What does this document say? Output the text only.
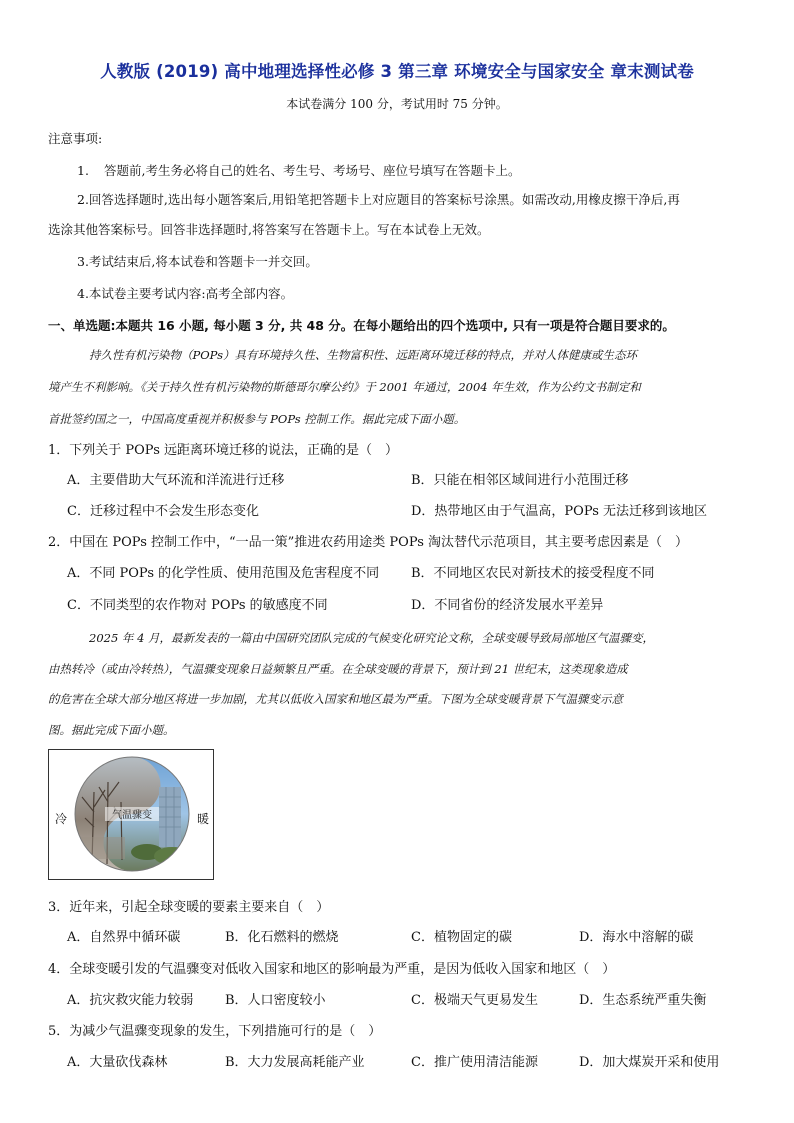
人教版 (2019) 高中地理选择性必修 3 第三章 环境安全与国家安全 章末测试卷
本试卷满分 100 分，考试用时 75 分钟。
注意事项:
1. 答题前,考生务必将自己的姓名、考生号、考场号、座位号填写在答题卡上。
2.回答选择题时,选出每小题答案后,用铅笔把答题卡上对应题目的答案标号涂黑。如需改动,用橡皮擦干净后,再
选涂其他答案标号。回答非选择题时,将答案写在答题卡上。写在本试卷上无效。
3.考试结束后,将本试卷和答题卡一并交回。
4.本试卷主要考试内容:高考全部内容。
一、单选题:本题共 16 小题, 每小题 3 分, 共 48 分。在每小题给出的四个选项中, 只有一项是符合题目要求的。
持久性有机污染物（POPs）具有环境持久性、生物富积性、远距离环境迁移的特点，并对人体健康或生态环
境产生不利影响。《关于持久性有机污染物的斯德哥尔摩公约》于 2001 年通过，2004 年生效，作为公约文书制定和
首批签约国之一，中国高度重视并积极参与 POPs 控制工作。据此完成下面小题。
1．下列关于 POPs 远距离环境迁移的说法，正确的是（　）
A．主要借助大气环流和洋流进行迁移	B．只能在相邻区域间进行小范围迁移
C．迁移过程中不会发生形态变化	D．热带地区由于气温高，POPs 无法迁移到该地区
2．中国在 POPs 控制工作中，“一品一策”推进农药用途类 POPs 淘汰替代示范项目，其主要考虑因素是（　）
A．不同 POPs 的化学性质、使用范围及危害程度不同 B．不同地区农民对新技术的接受程度不同
C．不同类型的农作物对 POPs 的敏感度不同	D．不同省份的经济发展水平差异
2025 年 4 月，最新发表的一篇由中国研究团队完成的气候变化研究论文称，全球变暖导致局部地区气温骤变，
由热转冷（或由冷转热），气温骤变现象日益频繁且严重。在全球变暖的背景下，预计到 21 世纪末，这类现象造成
的危害在全球大部分地区将进一步加剧，尤其以低收入国家和地区最为严重。下图为全球变暖背景下气温骤变示意
图。据此完成下面小题。
冷	暖
气温骤变
3．近年来，引起全球变暖的要素主要来自（　）
A．自然界中循环碳	B．化石燃料的燃烧	C．植物固定的碳	D．海水中溶解的碳
4．全球变暖引发的气温骤变对低收入国家和地区的影响最为严重，是因为低收入国家和地区（　）
A．抗灾救灾能力较弱 B．人口密度较小	C．极端天气更易发生	D．生态系统严重失衡
5．为减少气温骤变现象的发生，下列措施可行的是（　）
A．大量砍伐森林	B．大力发展高耗能产业	C．推广使用清洁能源	D．加大煤炭开采和使用
